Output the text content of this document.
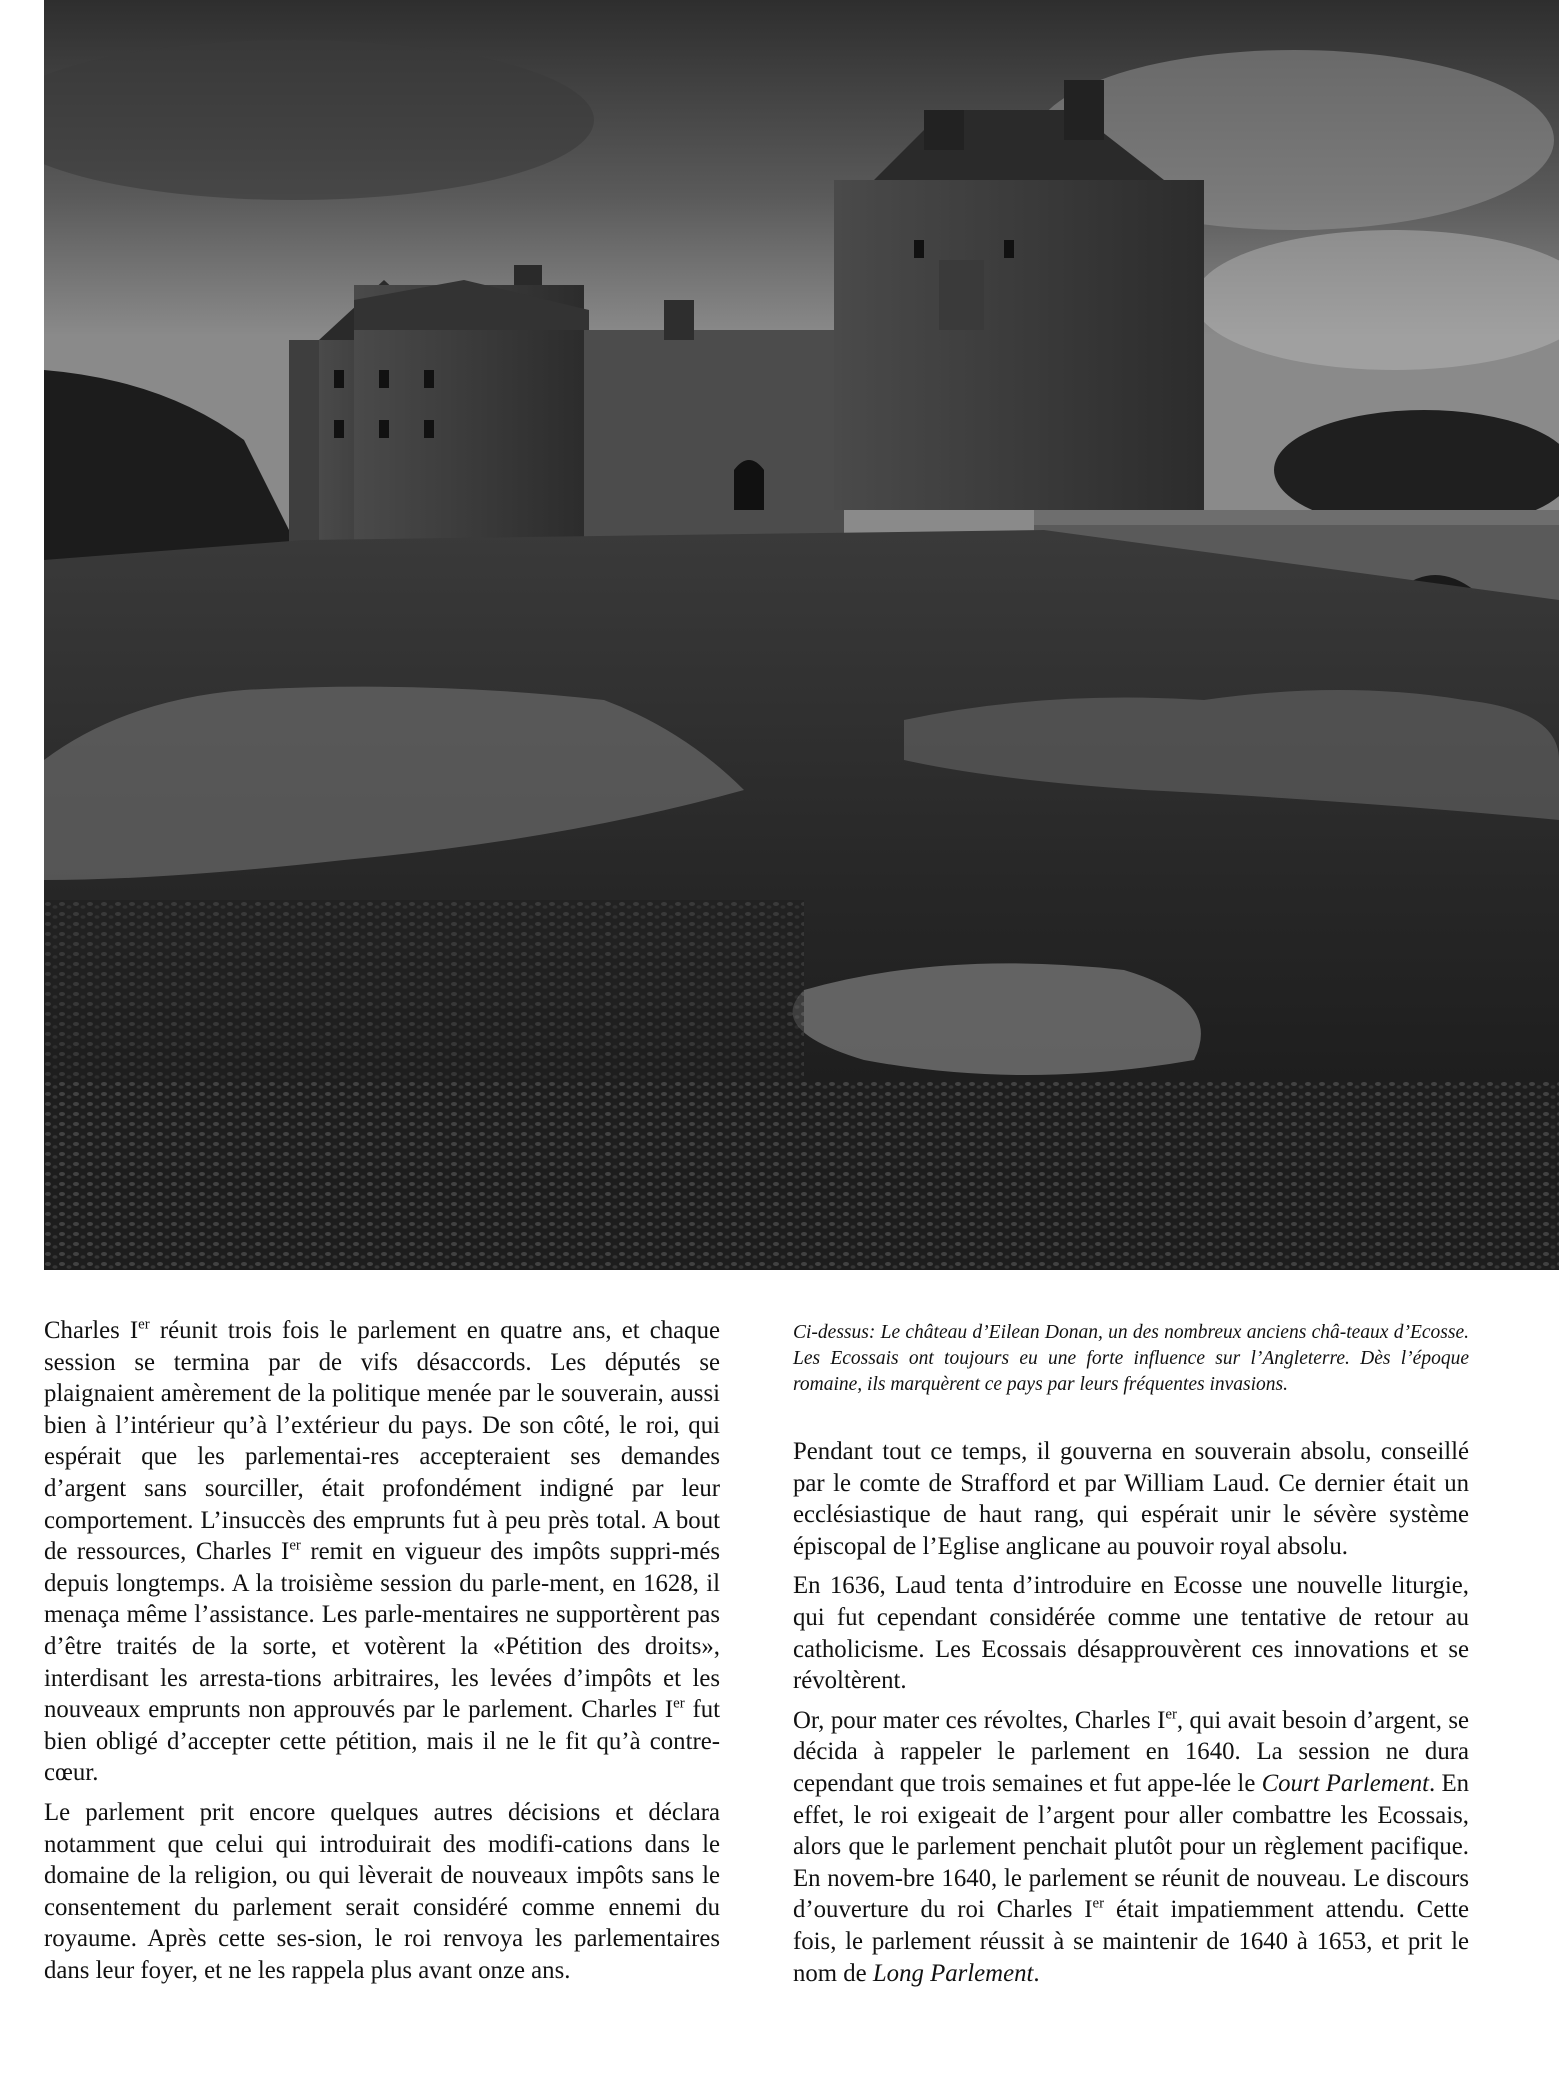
Charles Ier réunit trois fois le parlement en quatre ans, et chaque session se termina par de vifs désaccords. Les députés se plaignaient amèrement de la politique menée par le souverain, aussi bien à l’intérieur qu’à l’extérieur du pays. De son côté, le roi, qui espérait que les parlementai-res accepteraient ses demandes d’argent sans sourciller, était profondément indigné par leur comportement. L’insuccès des emprunts fut à peu près total. A bout de ressources, Charles Ier remit en vigueur des impôts suppri-més depuis longtemps. A la troisième session du parle-ment, en 1628, il menaça même l’assistance. Les parle-mentaires ne supportèrent pas d’être traités de la sorte, et votèrent la «Pétition des droits», interdisant les arresta-tions arbitraires, les levées d’impôts et les nouveaux emprunts non approuvés par le parlement. Charles Ier fut bien obligé d’accepter cette pétition, mais il ne le fit qu’à contre-cœur.

Le parlement prit encore quelques autres décisions et déclara notamment que celui qui introduirait des modifi-cations dans le domaine de la religion, ou qui lèverait de nouveaux impôts sans le consentement du parlement serait considéré comme ennemi du royaume. Après cette ses-sion, le roi renvoya les parlementaires dans leur foyer, et ne les rappela plus avant onze ans.

Ci-dessus: Le château d’Eilean Donan, un des nombreux anciens châ-teaux d’Ecosse. Les Ecossais ont toujours eu une forte influence sur l’Angleterre. Dès l’époque romaine, ils marquèrent ce pays par leurs fréquentes invasions.

Pendant tout ce temps, il gouverna en souverain absolu, conseillé par le comte de Strafford et par William Laud. Ce dernier était un ecclésiastique de haut rang, qui espérait unir le sévère système épiscopal de l’Eglise anglicane au pouvoir royal absolu.

En 1636, Laud tenta d’introduire en Ecosse une nouvelle liturgie, qui fut cependant considérée comme une tentative de retour au catholicisme. Les Ecossais désapprouvèrent ces innovations et se révoltèrent.

Or, pour mater ces révoltes, Charles Ier, qui avait besoin d’argent, se décida à rappeler le parlement en 1640. La session ne dura cependant que trois semaines et fut appe-lée le Court Parlement. En effet, le roi exigeait de l’argent pour aller combattre les Ecossais, alors que le parlement penchait plutôt pour un règlement pacifique. En novem-bre 1640, le parlement se réunit de nouveau. Le discours d’ouverture du roi Charles Ier était impatiemment attendu. Cette fois, le parlement réussit à se maintenir de 1640 à 1653, et prit le nom de Long Parlement.
